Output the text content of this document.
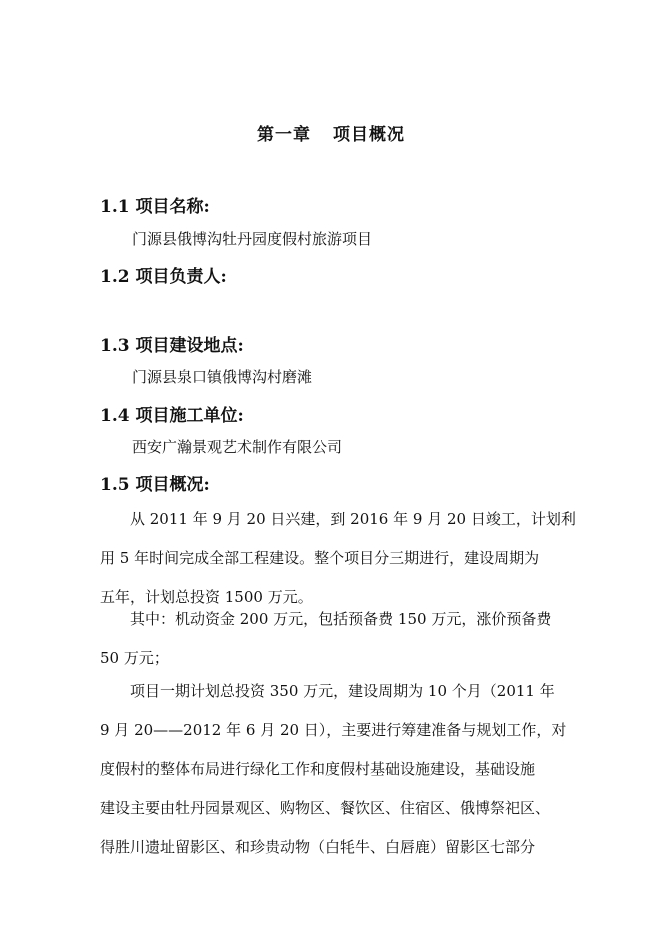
第一章 项目概况
1.1 项目名称:
门源县俄博沟牡丹园度假村旅游项目
1.2 项目负责人:
1.3 项目建设地点:
门源县泉口镇俄博沟村磨滩
1.4 项目施工单位:
西安广瀚景观艺术制作有限公司
1.5 项目概况:
从 2011 年 9 月 20 日兴建，到 2016 年 9 月 20 日竣工，计划利
用 5 年时间完成全部工程建设。整个项目分三期进行，建设周期为
五年，计划总投资 1500 万元。
其中：机动资金 200 万元，包括预备费 150 万元，涨价预备费
50 万元；
项目一期计划总投资 350 万元，建设周期为 10 个月（2011 年
9 月 20——2012 年 6 月 20 日），主要进行筹建准备与规划工作，对
度假村的整体布局进行绿化工作和度假村基础设施建设，基础设施
建设主要由牡丹园景观区、购物区、餐饮区、住宿区、俄博祭祀区、
得胜川遗址留影区、和珍贵动物（白牦牛、白唇鹿）留影区七部分
